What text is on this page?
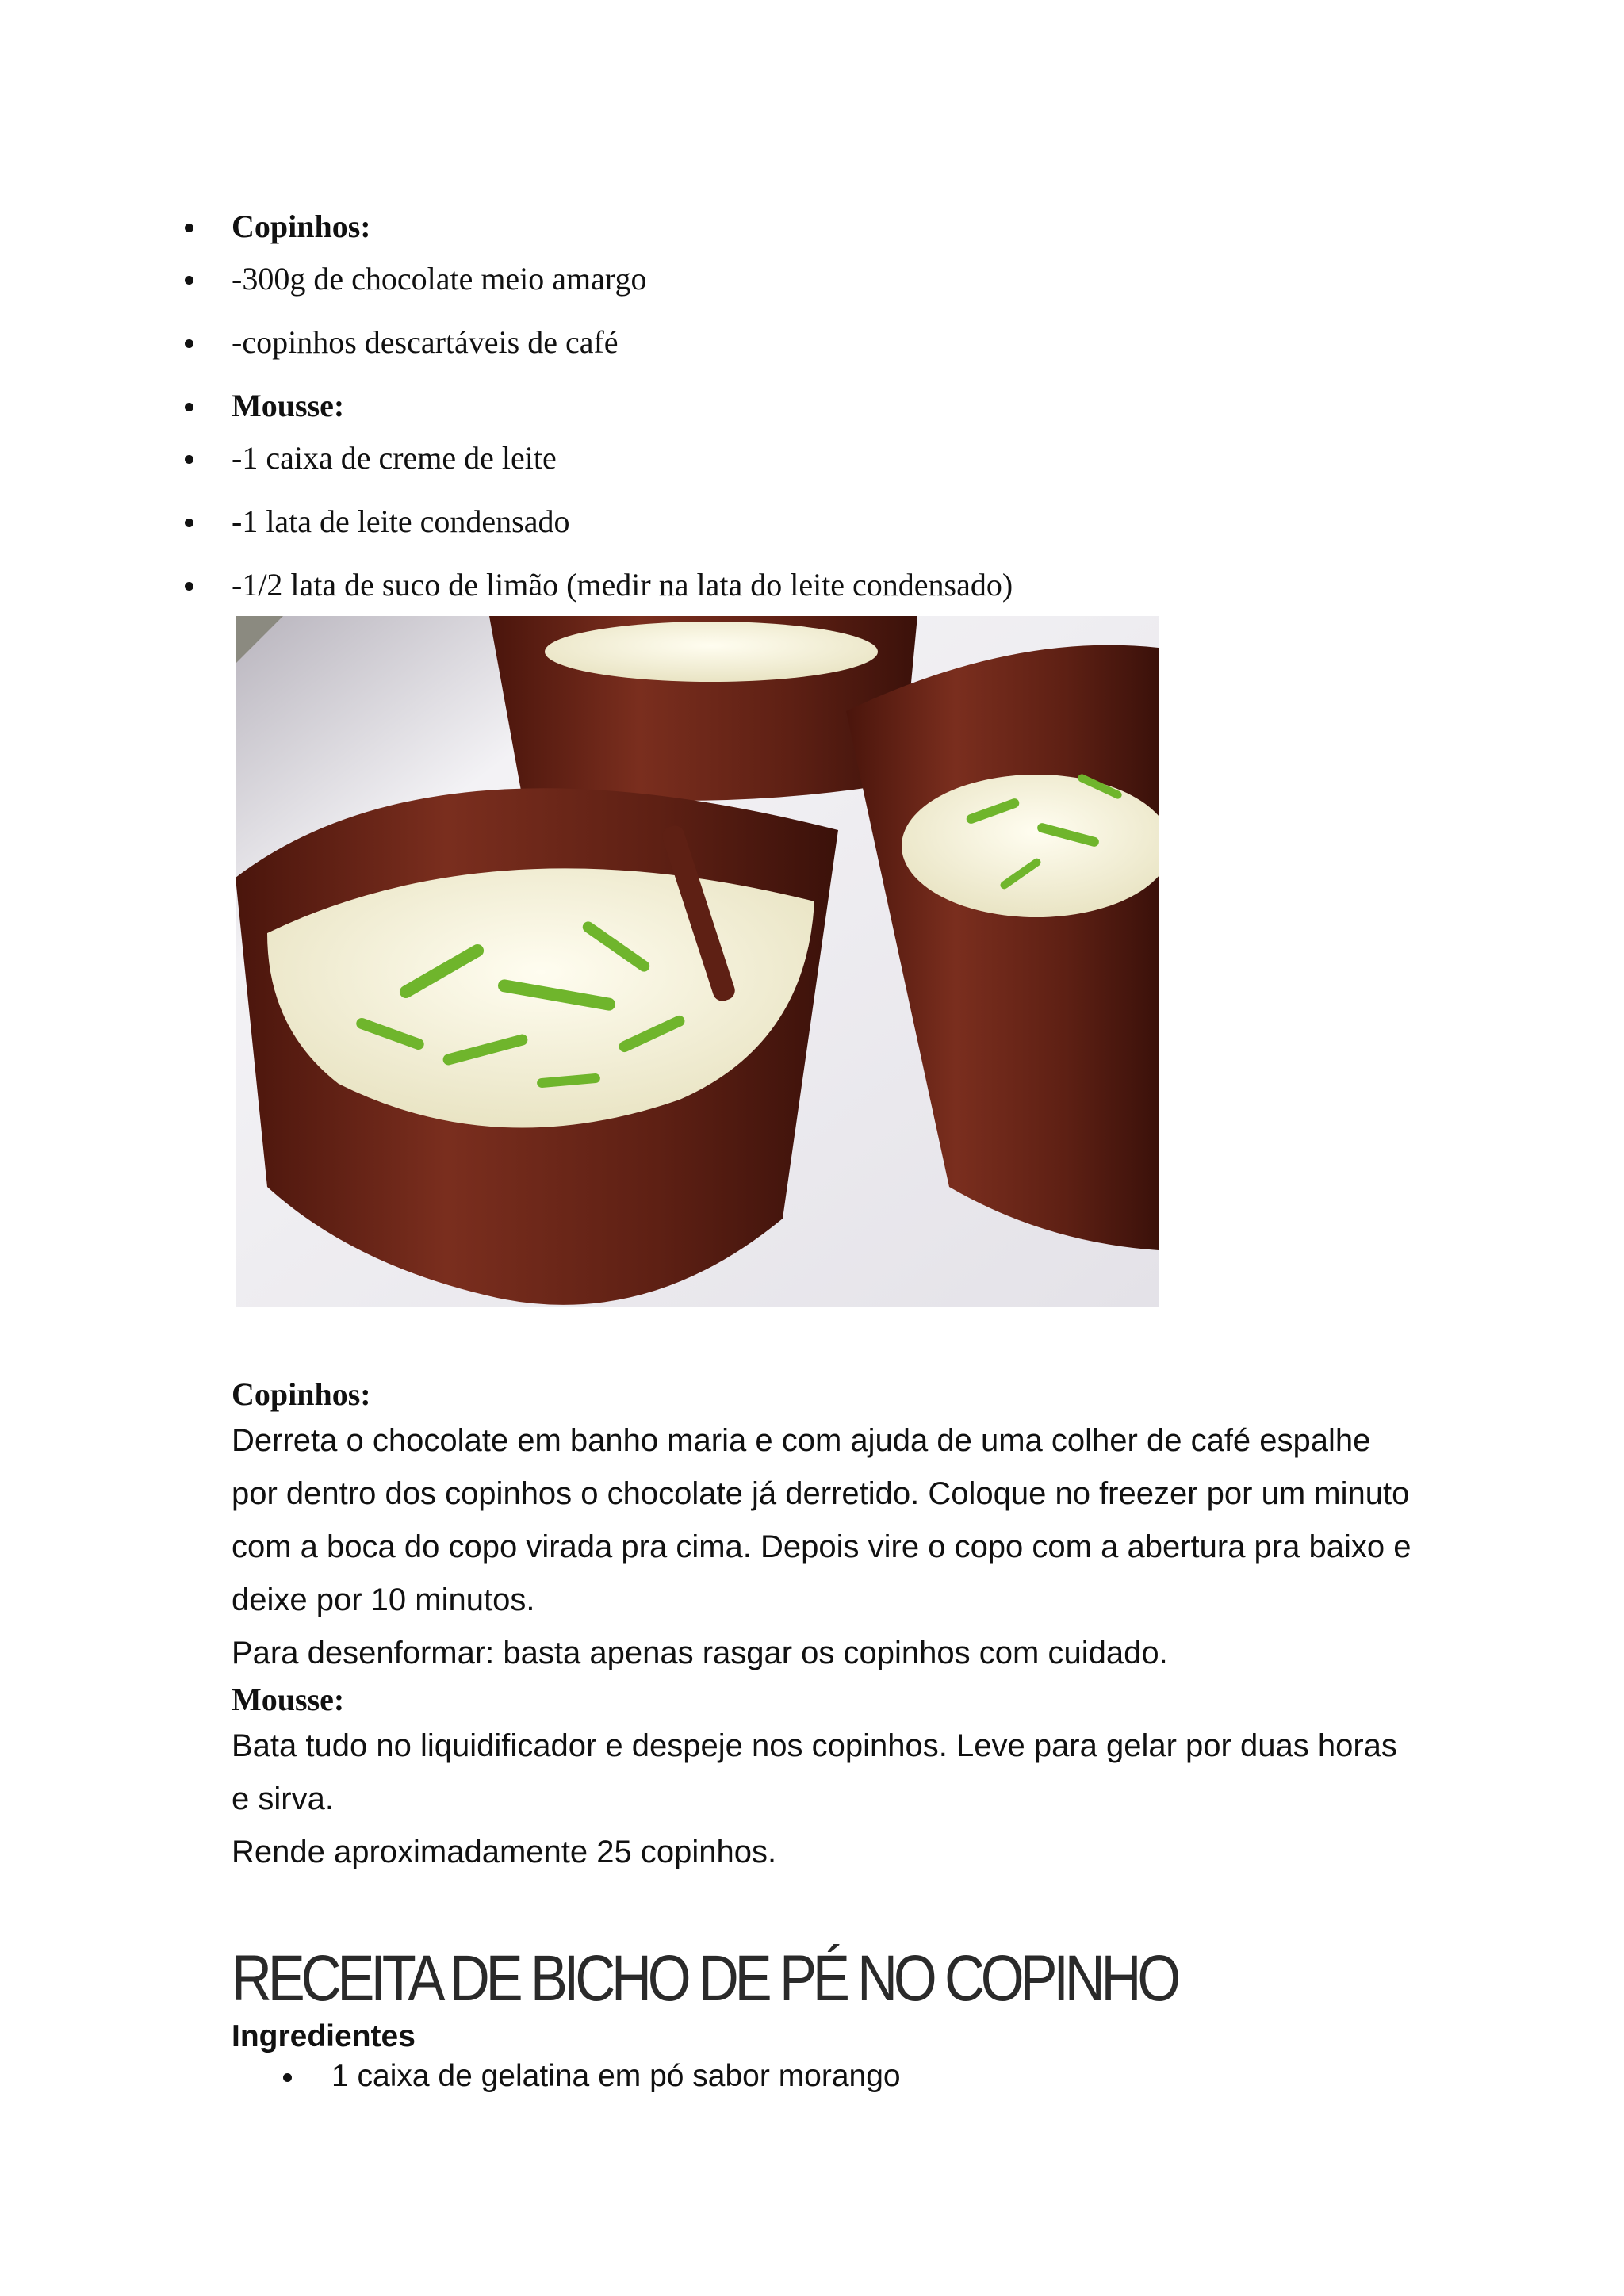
Copinhos:
-300g de chocolate meio amargo
-copinhos descartáveis de café
Mousse:
-1 caixa de creme de leite
-1 lata de leite condensado
-1/2 lata de suco de limão (medir na lata do leite condensado)
Copinhos:

Derreta o chocolate em banho maria e com ajuda de uma colher de café espalhe por dentro dos copinhos o chocolate já derretido. Coloque no freezer por um minuto com a boca do copo virada pra cima. Depois vire o copo com a abertura pra baixo e deixe por 10 minutos.

Para desenformar: basta apenas rasgar os copinhos com cuidado.

Mousse:

Bata tudo no liquidificador e despeje nos copinhos. Leve para gelar por duas horas e sirva.

Rende aproximadamente 25 copinhos.

RECEITA DE BICHO DE PÉ NO COPINHO
Ingredientes
1 caixa de gelatina em pó sabor morango
